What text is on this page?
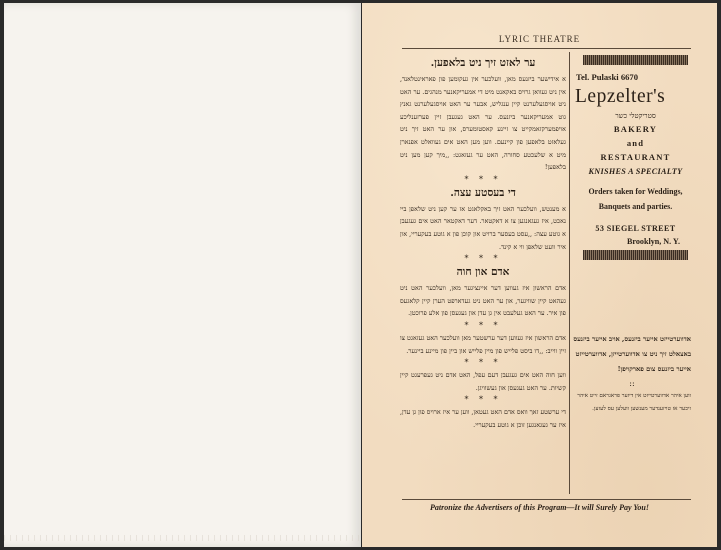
LYRIC THEATRE
ער לאזט זיך ניט בלאפען.

א אידישער ביזנעס מאן, וועלכער אין געקומען פון פאראינטלאנד, אין ניט געוואן גרויס באקאנט מיט די אמעריקאנער מנהגים. ער האט ניט אויסגעלערנט קיין ענגליש, אבער ער האט אויסגעלערנט גאנץ גוט אמעריקאנער ביזנעס. ער האט געגעבן זיין פערזענליכע אויפמערקזאמקייט צו זיינע קאסטומערס, און ער האט זיך ניט געלאזט בלאפען פון קיינעם. ווען מען האט אים געוואלט אפנארן מיט א שלעכטע סחורה, האט ער געזאגט: ,,מיך קען מען ניט בלאפען!

* * *
די בעסטע עצה.

א מענטש, וועלכער האט זיך באקלאגט אז ער קען ניט שלאפן ביי נאכט, איז געגאנגען צו א דאקטאר. דער דאקטאר האט אים געגעבן א גוטע עצה: ,,עסט בעסער ברויט און קוכן פון א גוטע בעקעריי, און איר וועט שלאפן ווי א קינד.

* * *
אדם און חוה

אדם הראשון איז געווען דער איינציגער מאן, וועלכער האט ניט געהאט קיין שוויגער, און ער האט ניט געדארפט הערן קיין קלאגעס פון איר. ער האט געלעבט אין גן עדן און געגעסן פון אלע פרוכטן.

* * *

אדם הראשון איז געווען דער ערשטער מאן וועלכער האט געזאגט צו זיין ווייב: ,,דו ביסט פלייש פון מיין פלייש און ביין פון מיינע ביינער.

* * *

ווען חוה האט אים געגעבן דעם עפל, האט אדם ניט געפרעגט קיין קשיות. ער האט געגעסן און געשוויגן.

* * *

די ערשטע זאך וואס אדם האט געטאן, ווען ער איז ארויס פון גן עדן, איז ער געגאנגען זוכן א גוטע בעקעריי.

Tel. Pulaski 6670
Lepzelter's
סטריקטלי כשר
BAKERY
and
RESTAURANT
KNISHES A SPECIALTY
Orders taken for Weddings, Banquets and parties.
53 SIEGEL STREET
Brooklyn, N. Y.
אדווערטייזט אייער ביזנעס, אויב אייער ביזנעס באצאלט זיך ניט צו אדווערטייזן, אדווערטייזט אייער ביזנעס צום פארקויפן!
::
ווען איהר אדווערטייזט אין דיזער פראגראם זייט איהר זיכער אז טויזענדער מענשען וועלען עס לעזען.
Patronize the Advertisers of this Program—It will Surely Pay You!
